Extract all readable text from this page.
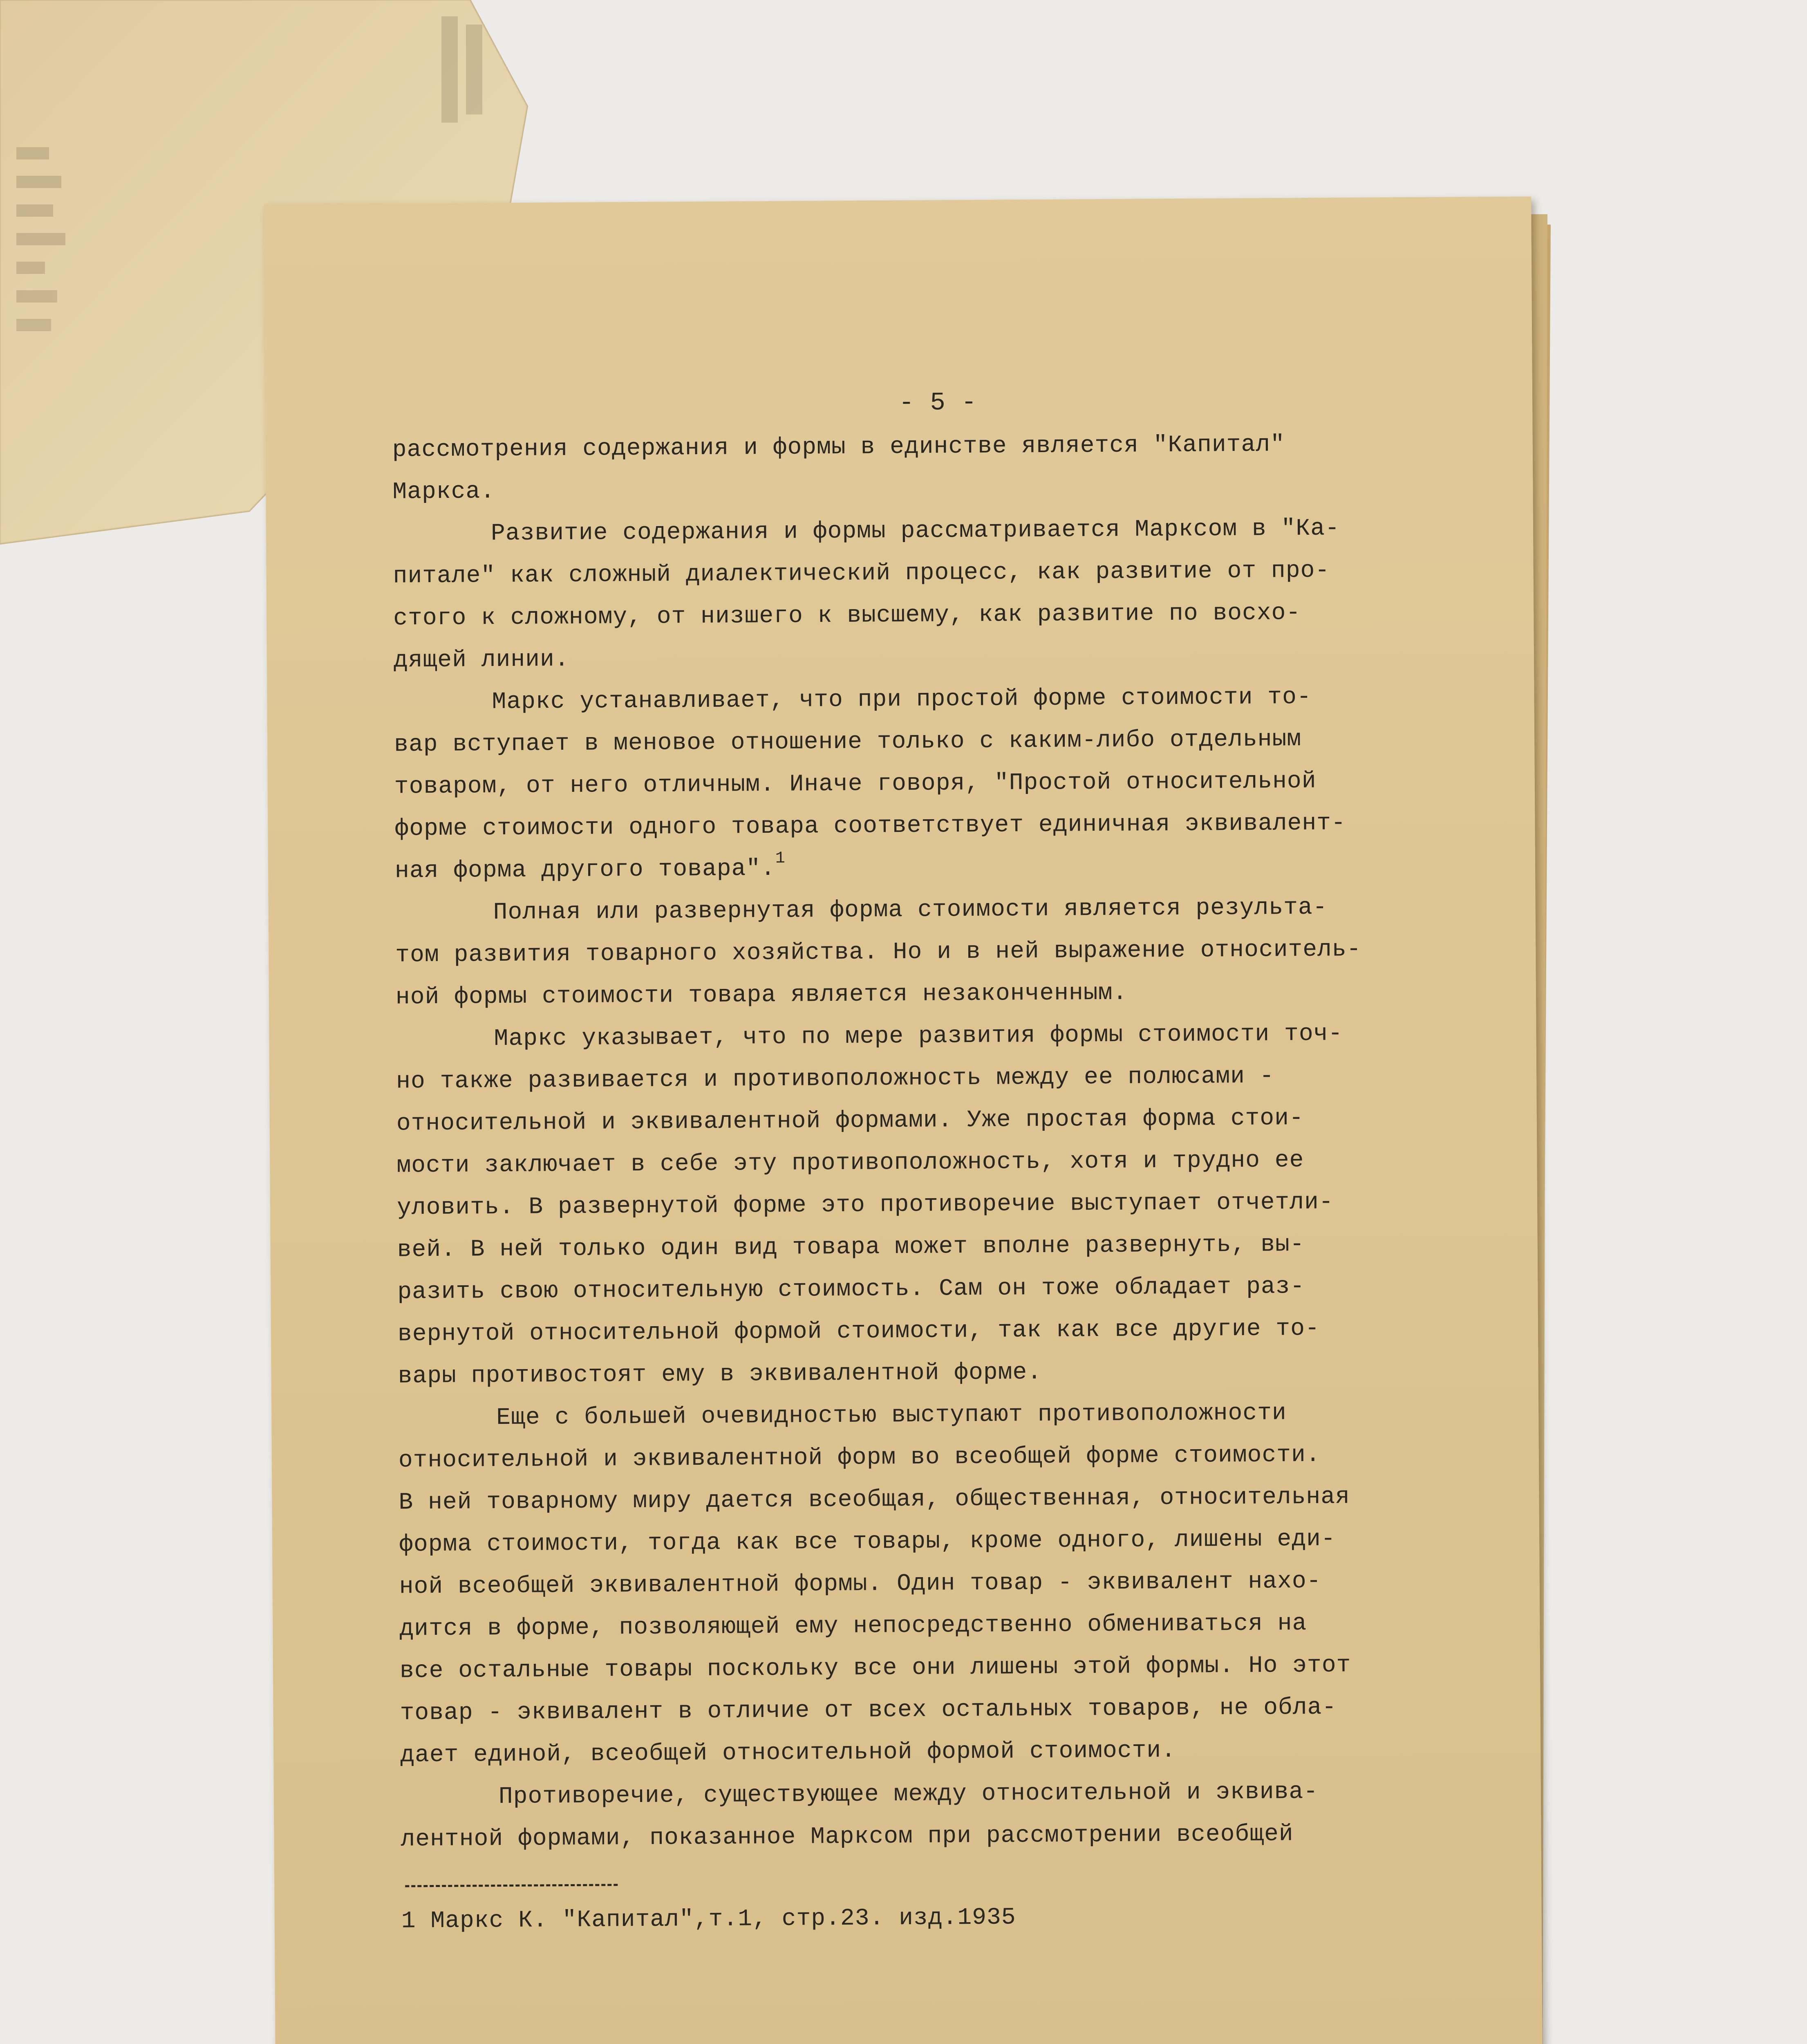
- 5 -
рассмотрения содержания и формы в единстве является "Капитал"
Маркса.
Развитие содержания и формы рассматривается Марксом в "Ка-
питале" как сложный диалектический процесс, как развитие от про-
стого к сложному, от низшего к высшему, как развитие по восхо-
дящей линии.
Маркс устанавливает, что при простой форме стоимости то-
вар вступает в меновое отношение только с каким-либо отдельным
товаром, от него отличным. Иначе говоря, "Простой относительной
форме стоимости одного товара соответствует единичная эквивалент-
ная форма другого товара".$^1$
Полная или развернутая форма стоимости является результа-
том развития товарного хозяйства. Но и в ней выражение относитель-
ной формы стоимости товара является незаконченным.
Маркс указывает, что по мере развития формы стоимости точ-
но также развивается и противоположность между ее полюсами -
относительной и эквивалентной формами. Уже простая форма стои-
мости заключает в себе эту противоположность, хотя и трудно ее
уловить. В развернутой форме это противоречие выступает отчетли-
вей. В ней только один вид товара может вполне развернуть, вы-
разить свою относительную стоимость. Сам он тоже обладает раз-
вернутой относительной формой стоимости, так как все другие то-
вары противостоят ему в эквивалентной форме.
Еще с большей очевидностью выступают противоположности
относительной и эквивалентной форм во всеобщей форме стоимости.
В ней товарному миру дается всеобщая, общественная, относительная
форма стоимости, тогда как все товары, кроме одного, лишены еди-
ной всеобщей эквивалентной формы. Один товар - эквивалент нахо-
дится в форме, позволяющей ему непосредственно обмениваться на
все остальные товары поскольку все они лишены этой формы. Но этот
товар - эквивалент в отличие от всех остальных товаров, не обла-
дает единой, всеобщей относительной формой стоимости.
Противоречие, существующее между относительной и эквива-
лентной формами, показанное Марксом при рассмотрении всеобщей
1 Маркс К. "Капитал",т.1, стр.23. изд.1935
